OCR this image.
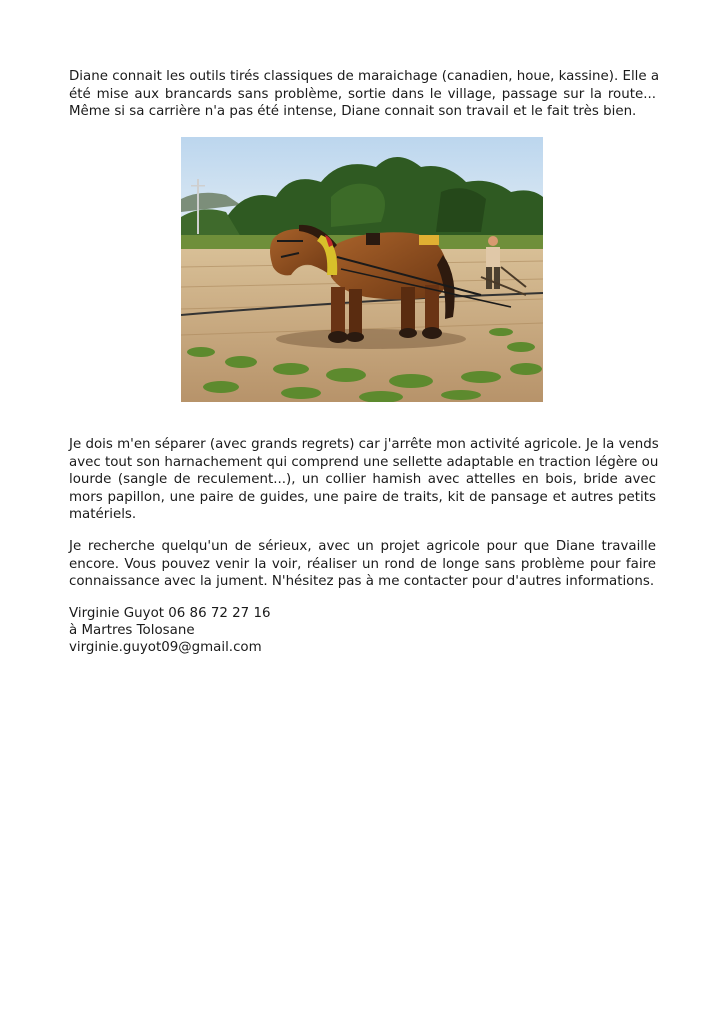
Diane connait les outils tirés classiques de maraichage (canadien, houe, kassine). Elle a
été mise aux brancards sans problème, sortie dans le village, passage sur la route...
Même si sa carrière n'a pas été intense, Diane connait son travail et le fait très bien.

Je dois m'en séparer (avec grands regrets) car j'arrête mon activité agricole. Je la vends
avec tout son harnachement qui comprend une sellette adaptable en traction légère ou
lourde (sangle de reculement...), un collier hamish avec attelles en bois, bride avec
mors papillon, une paire de guides, une paire de traits, kit de pansage et autres petits
matériels.

Je recherche quelqu'un de sérieux, avec un projet agricole pour que Diane travaille
encore. Vous pouvez venir la voir, réaliser un rond de longe sans problème pour faire
connaissance avec la jument. N'hésitez pas à me contacter pour d'autres informations.

Virginie Guyot 06 86 72 27 16
à Martres Tolosane
virginie.guyot09@gmail.com
